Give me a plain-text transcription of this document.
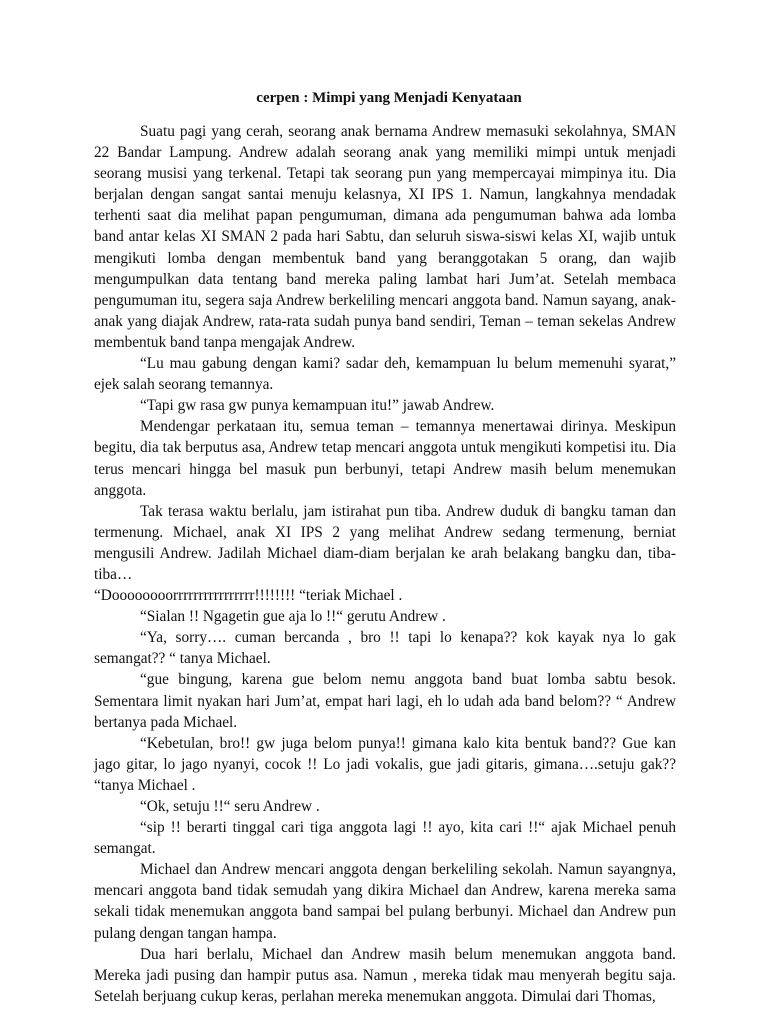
cerpen : Mimpi yang Menjadi Kenyataan

Suatu pagi yang cerah, seorang anak bernama Andrew memasuki sekolahnya, SMAN 22 Bandar Lampung. Andrew adalah seorang anak yang memiliki mimpi untuk menjadi seorang musisi yang terkenal. Tetapi tak seorang pun yang mempercayai mimpinya itu. Dia berjalan dengan sangat santai menuju kelasnya, XI IPS 1. Namun, langkahnya mendadak terhenti saat dia melihat papan pengumuman, dimana ada pengumuman bahwa ada lomba band antar kelas XI SMAN 2 pada hari Sabtu, dan seluruh siswa-siswi kelas XI, wajib untuk mengikuti lomba dengan membentuk band yang beranggotakan 5 orang, dan wajib mengumpulkan data tentang band mereka paling lambat hari Jum’at. Setelah membaca pengumuman itu, segera saja Andrew berkeliling mencari anggota band. Namun sayang, anak-anak yang diajak Andrew, rata-rata sudah punya band sendiri, Teman – teman sekelas Andrew membentuk band tanpa mengajak Andrew.

“Lu mau gabung dengan kami? sadar deh, kemampuan lu belum memenuhi syarat,” ejek salah seorang temannya.

“Tapi gw rasa gw punya kemampuan itu!” jawab Andrew.

Mendengar perkataan itu, semua teman – temannya menertawai dirinya. Meskipun begitu, dia tak berputus asa, Andrew tetap mencari anggota untuk mengikuti kompetisi itu. Dia terus mencari hingga bel masuk pun berbunyi, tetapi Andrew masih belum menemukan anggota.

Tak terasa waktu berlalu, jam istirahat pun tiba. Andrew duduk di bangku taman dan termenung. Michael, anak XI IPS 2 yang melihat Andrew sedang termenung, berniat mengusili Andrew. Jadilah Michael diam-diam berjalan ke arah belakang bangku dan, tiba-tiba…

“Doooooooorrrrrrrrrrrrrrrr!!!!!!!! “teriak Michael .

“Sialan !! Ngagetin gue aja lo !!“ gerutu Andrew .

“Ya, sorry…. cuman bercanda , bro !! tapi lo kenapa?? kok kayak nya lo gak semangat?? “ tanya Michael.

“gue bingung, karena gue belom nemu anggota band buat lomba sabtu besok. Sementara limit nyakan hari Jum’at, empat hari lagi, eh lo udah ada band belom?? “ Andrew bertanya pada Michael.

“Kebetulan, bro!! gw juga belom punya!! gimana kalo kita bentuk band?? Gue kan jago gitar, lo jago nyanyi, cocok !! Lo jadi vokalis, gue jadi gitaris, gimana….setuju gak?? “tanya Michael .

“Ok, setuju !!“ seru Andrew .

“sip !! berarti tinggal cari tiga anggota lagi !! ayo, kita cari !!“ ajak Michael penuh semangat.

Michael dan Andrew mencari anggota dengan berkeliling sekolah. Namun sayangnya, mencari anggota band tidak semudah yang dikira Michael dan Andrew, karena mereka sama sekali tidak menemukan anggota band sampai bel pulang berbunyi. Michael dan Andrew pun pulang dengan tangan hampa.

Dua hari berlalu, Michael dan Andrew masih belum menemukan anggota band. Mereka jadi pusing dan hampir putus asa. Namun , mereka tidak mau menyerah begitu saja. Setelah berjuang cukup keras, perlahan mereka menemukan anggota. Dimulai dari Thomas,
